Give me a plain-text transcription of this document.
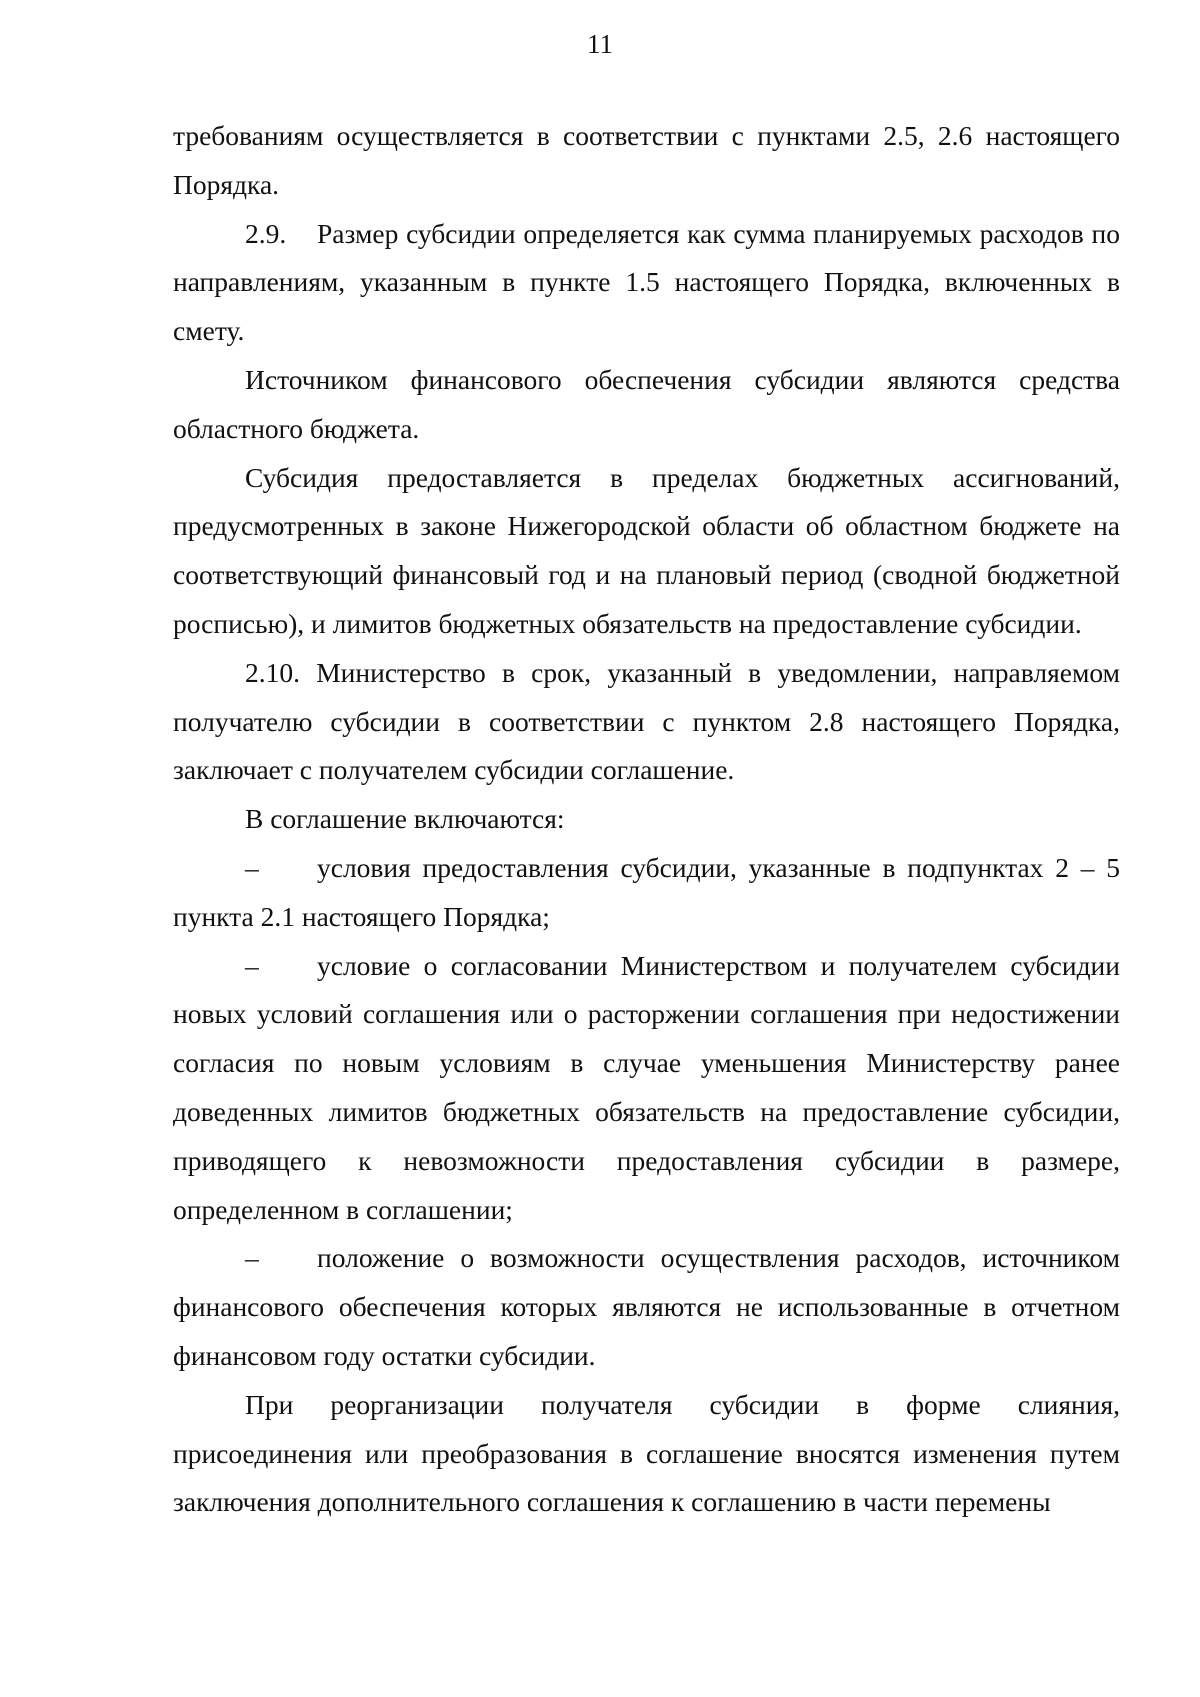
11

требованиям осуществляется в соответствии с пунктами 2.5, 2.6 настоящего Порядка.

2.9. Размер субсидии определяется как сумма планируемых расходов по направлениям, указанным в пункте 1.5 настоящего Порядка, включенных в смету.

Источником финансового обеспечения субсидии являются средства областного бюджета.

Субсидия предоставляется в пределах бюджетных ассигнований, предусмотренных в законе Нижегородской области об областном бюджете на соответствующий финансовый год и на плановый период (сводной бюджетной росписью), и лимитов бюджетных обязательств на предоставление субсидии.

2.10. Министерство в срок, указанный в уведомлении, направляемом получателю субсидии в соответствии с пунктом 2.8 настоящего Порядка, заключает с получателем субсидии соглашение.

В соглашение включаются:

– условия предоставления субсидии, указанные в подпунктах 2 – 5 пункта 2.1 настоящего Порядка;

– условие о согласовании Министерством и получателем субсидии новых условий соглашения или о расторжении соглашения при недостижении согласия по новым условиям в случае уменьшения Министерству ранее доведенных лимитов бюджетных обязательств на предоставление субсидии, приводящего к невозможности предоставления субсидии в размере, определенном в соглашении;

– положение о возможности осуществления расходов, источником финансового обеспечения которых являются не использованные в отчетном финансовом году остатки субсидии.

При реорганизации получателя субсидии в форме слияния, присоединения или преобразования в соглашение вносятся изменения путем заключения дополнительного соглашения к соглашению в части перемены
